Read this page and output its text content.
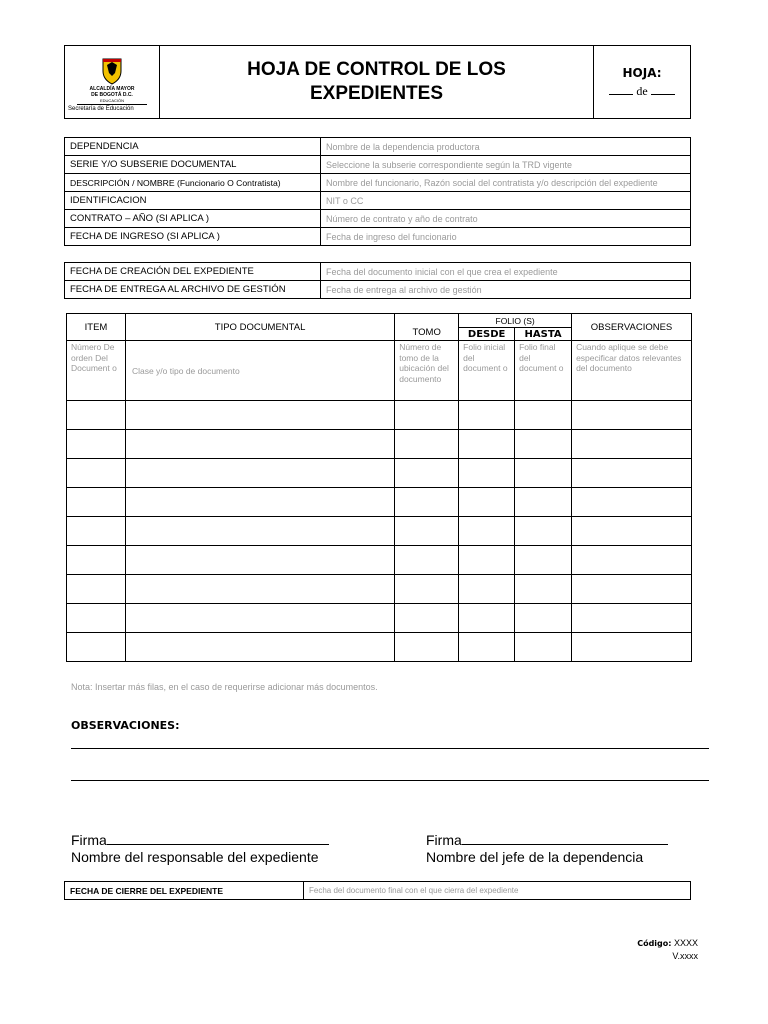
ALCALDÍA MAYOR
DE BOGOTÁ D.C.
EDUCACIÓN
Secretaría de Educación

HOJA DE CONTROL DE LOS EXPEDIENTES

HOJA:
de
DEPENDENCIA	Nombre de la dependencia productora
SERIE Y/O SUBSERIE DOCUMENTAL	Seleccione la subserie correspondiente según la TRD vigente
DESCRIPCIÓN / NOMBRE (Funcionario O Contratista)	Nombre del funcionario, Razón social del contratista y/o descripción del expediente
IDENTIFICACION	NIT o CC
CONTRATO – AÑO (SI APLICA )	Número de contrato y año de contrato
FECHA DE INGRESO (SI APLICA )	Fecha de ingreso del funcionario
FECHA DE CREACIÓN DEL EXPEDIENTE	Fecha del documento inicial con el que crea el expediente
FECHA DE ENTREGA AL ARCHIVO DE GESTIÓN	Fecha de entrega al archivo de gestión
ITEM	TIPO DOCUMENTAL	TOMO	FOLIO (S)		OBSERVACIONES
			DESDE	HASTA	
Número De orden Del Document o	Clase y/o tipo de documento	Número de tomo de la ubicación del documento	Folio inicial del document o	Folio final del document o	Cuando aplique se debe especificar datos relevantes del documento

Nota: Insertar más filas, en el caso de requerirse adicionar más documentos.
OBSERVACIONES:
Firma
Nombre del responsable del expediente
Firma
Nombre del jefe de la dependencia
FECHA DE CIERRE DEL EXPEDIENTE	Fecha del documento final con el que cierra del expediente
Código: XXXX
V.xxxx
